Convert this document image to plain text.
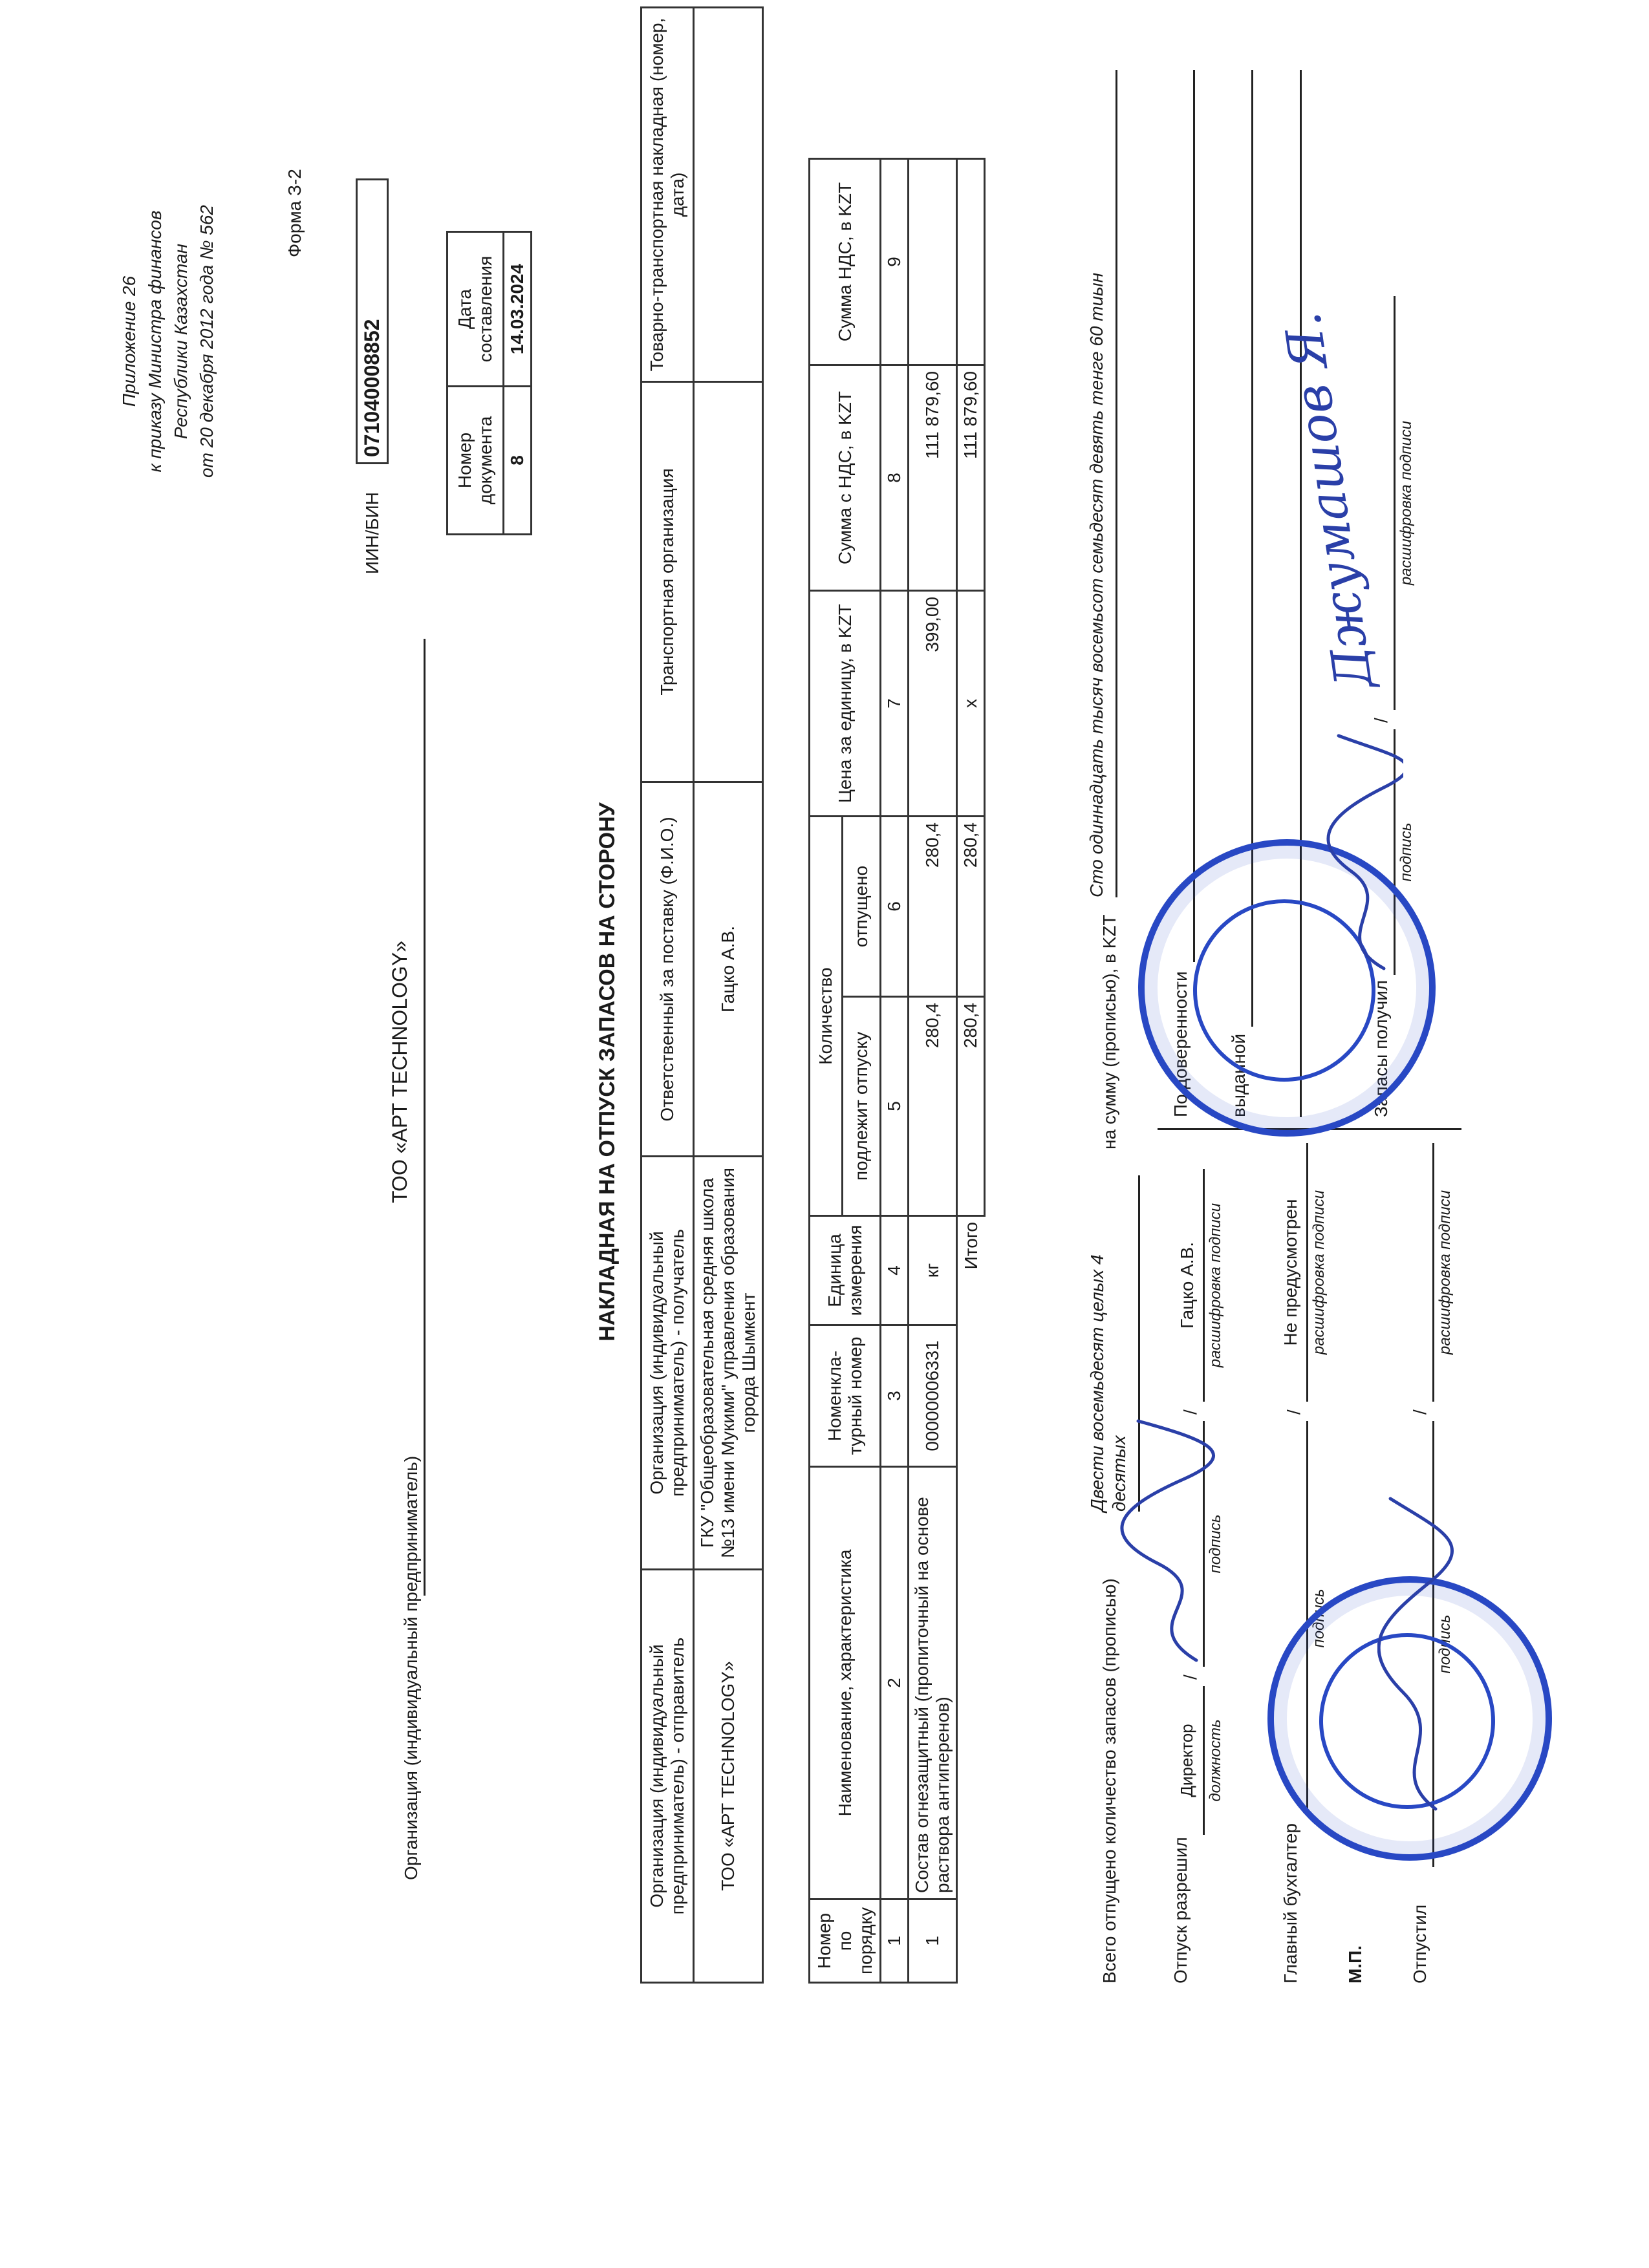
Приложение 26 к приказу Министра финансов Республики Казахстан от 20 декабря 2012 года № 562	Форма З-2
ИИН/БИН
071040008852
Номер документа	Дата составления
8	14.03.2024
Организация (индивидуальный предприниматель)
ТОО «АРТ TECHNOLOGY»	НАКЛАДНАЯ НА ОТПУСК ЗАПАСОВ НА СТОРОНУ
Организация (индивидуальный предприниматель) - отправитель	Организация (индивидуальный предприниматель) - получатель	Ответственный за поставку (Ф.И.О.)	Транспортная организация	Товарно-транспортная накладная (номер, дата)
ТОО «АРТ TECHNOLOGY»	ГКУ "Общеобразовательная средняя школа №13 имени Мукими" управления образования города Шымкент	Гацко А.В.		
Номер по порядку	Наименование, характеристика	Номенкла-турный номер	Единица измерения	Количество		Цена за единицу, в KZT	Сумма с НДС, в KZT	Сумма НДС, в KZT
				подлежит отпуску	отпущено			
1	2	3	4	5	6	7	8	9
1	Состав огнезащитный (пропиточный на основе раствора антиперенов)	00000006331	кг	280,4	280,4	399,00	111 879,60	
Итого				280,4	280,4	x	111 879,60	
Всего отпущено количество запасов (прописью)
Двести восемьдесят целых 4 десятых
на сумму (прописью), в KZT
Сто одиннадцать тысяч восемьсот семьдесят девять тенге 60 тиын
Отпуск разрешил
Директор должность
/
подпись
/
Гацко А.В. расшифровка подписи
Главный бухгалтер
подпись
/
Не предусмотрен расшифровка подписи
М.П. Отпустил
подпись
/
расшифровка подписи
По доверенности выданной	Запасы получил
подпись
/
расшифровка подписи
Джумашов Я.
